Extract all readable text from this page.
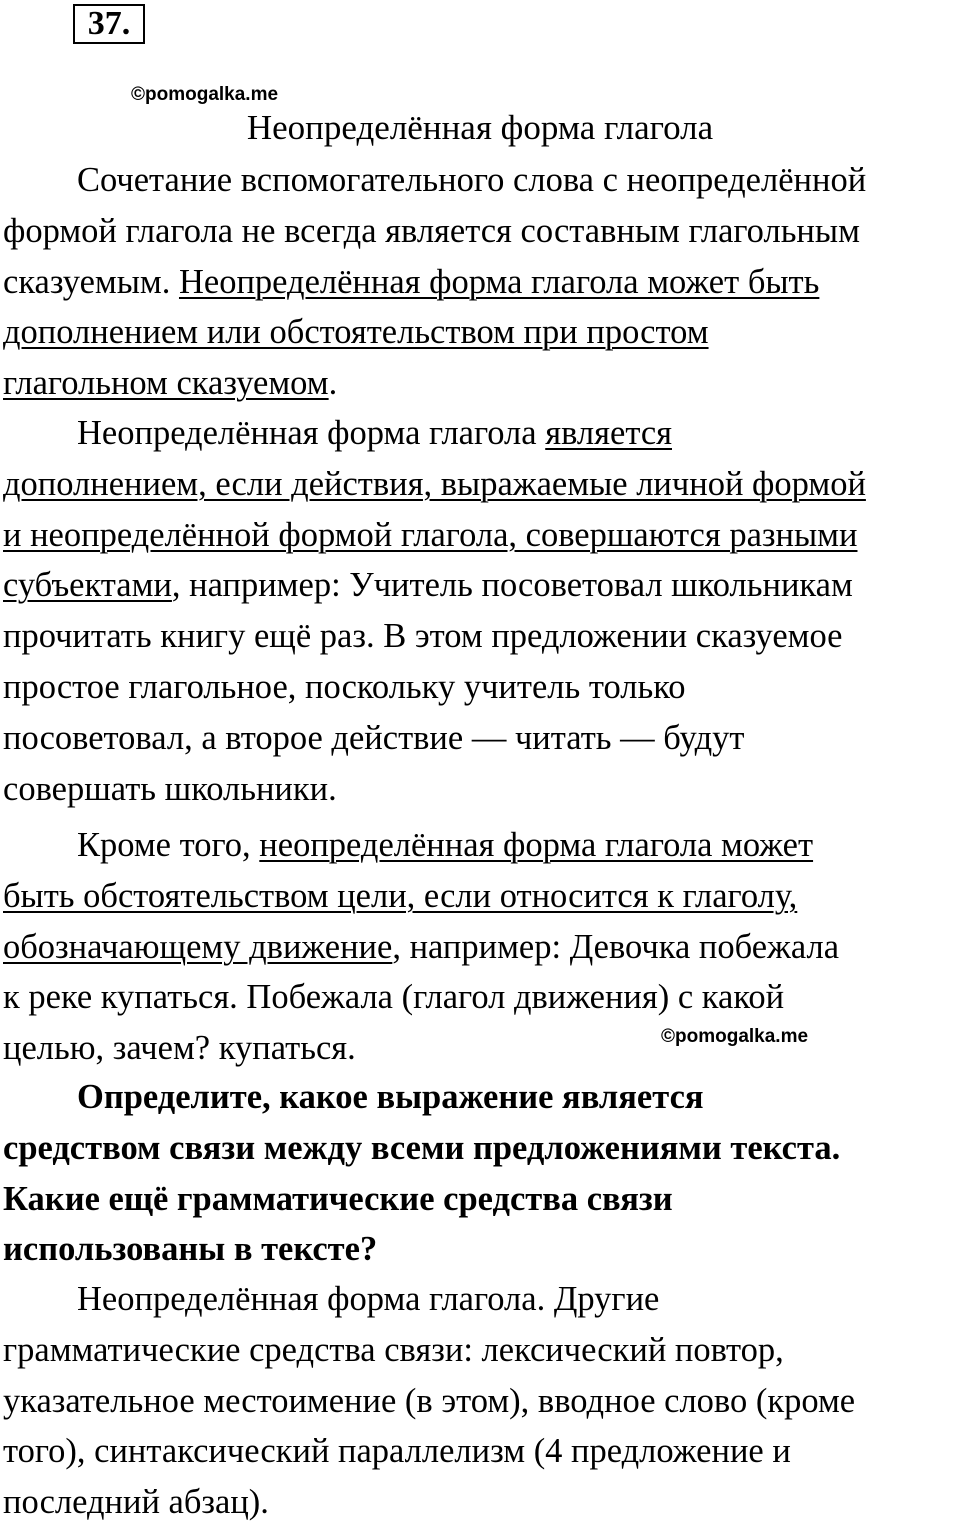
37.
©pomogalka.me
Неопределённая форма глагола
Сочетание вспомогательного слова с неопределённой
формой глагола не всегда является составным глагольным
сказуемым. Неопределённая форма глагола может быть
дополнением или обстоятельством при простом
глагольном сказуемом.
Неопределённая форма глагола является
дополнением, если действия, выражаемые личной формой
и неопределённой формой глагола, совершаются разными
субъектами, например: Учитель посоветовал школьникам
прочитать книгу ещё раз. В этом предложении сказуемое
простое глагольное, поскольку учитель только
посоветовал, а второе действие — читать — будут
совершать школьники.
Кроме того, неопределённая форма глагола может
быть обстоятельством цели, если относится к глаголу,
обозначающему движение, например: Девочка побежала
к реке купаться. Побежала (глагол движения) с какой
целью, зачем? купаться.	©pomogalka.me
Определите, какое выражение является
средством связи между всеми предложениями текста.
Какие ещё грамматические средства связи
использованы в тексте?
Неопределённая форма глагола. Другие
грамматические средства связи: лексический повтор,
указательное местоимение (в этом), вводное слово (кроме
того), синтаксический параллелизм (4 предложение и
последний абзац).
